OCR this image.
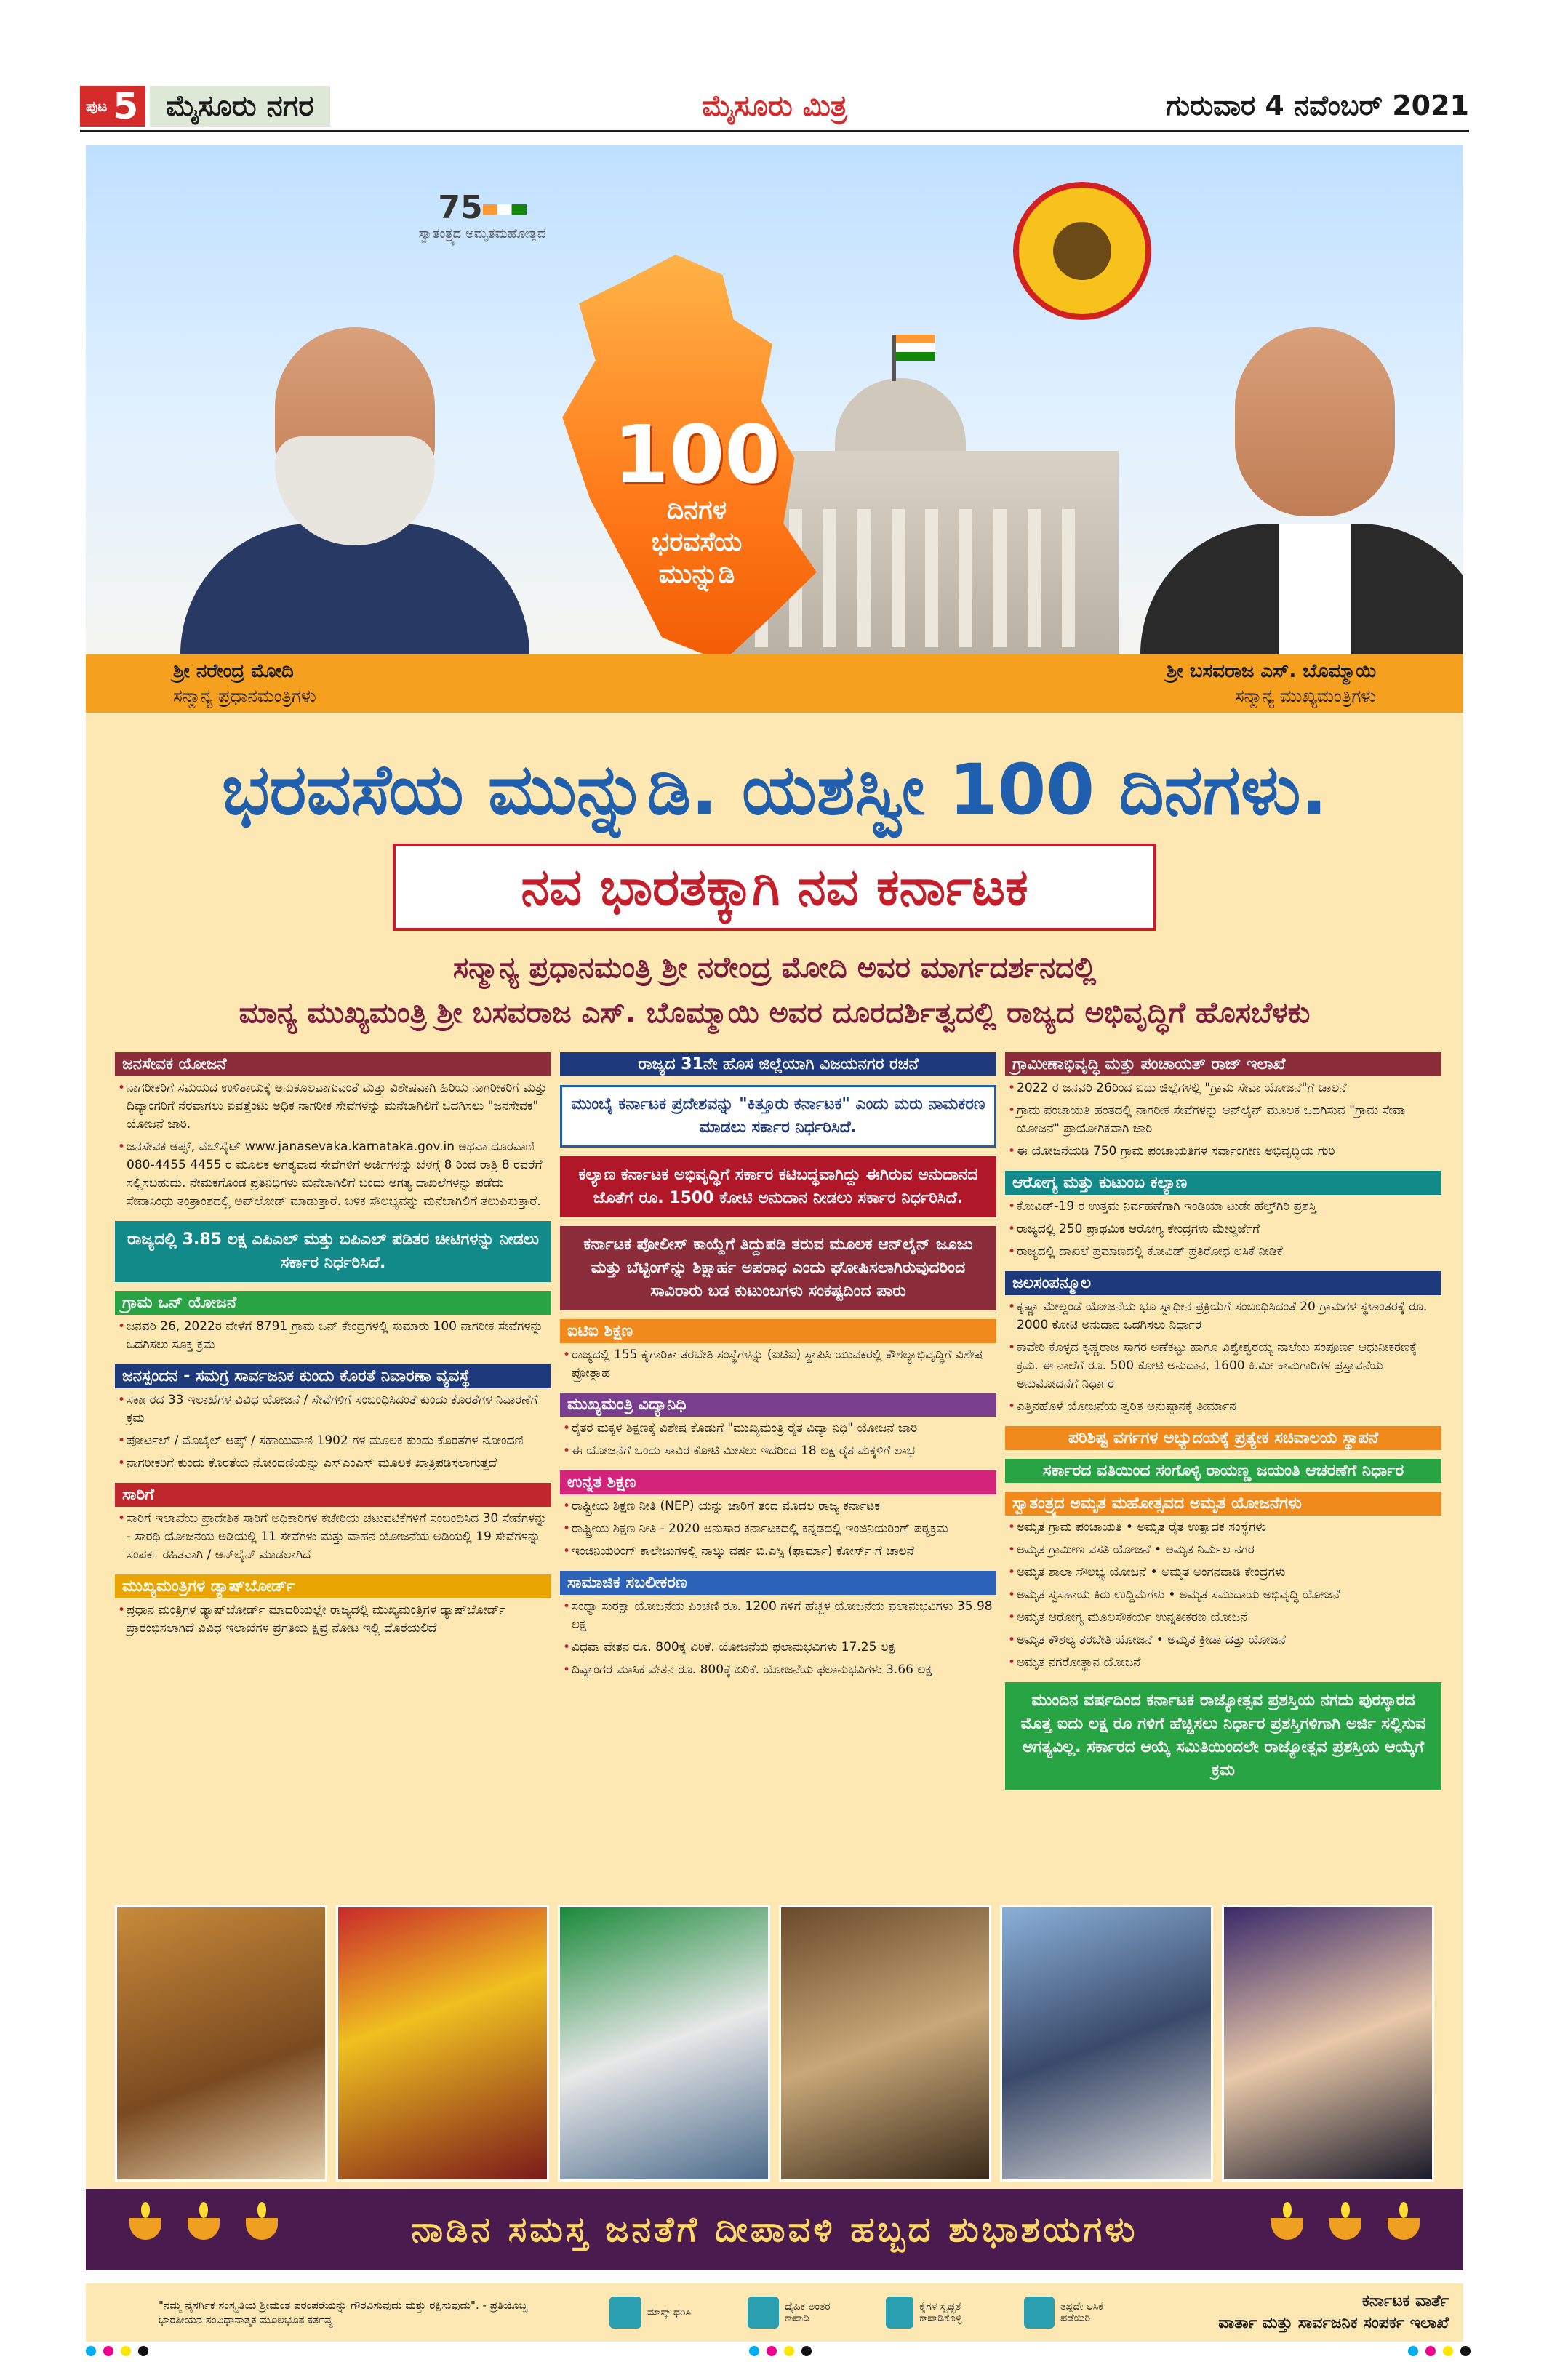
ಪುಟ 5 ಮೈಸೂರು ನಗರ	ಮೈಸೂರು ಮಿತ್ರ	ಗುರುವಾರ 4 ನವೆಂಬರ್ 2021
75
ಸ್ವಾತಂತ್ರ್ಯದ ಅಮೃತಮಹೋತ್ಸವ
100
ದಿನಗಳ
ಭರವಸೆಯ
ಮುನ್ನುಡಿ
ಶ್ರೀ ನರೇಂದ್ರ ಮೋದಿ
ಸನ್ಮಾನ್ಯ ಪ್ರಧಾನಮಂತ್ರಿಗಳು
ಶ್ರೀ ಬಸವರಾಜ ಎಸ್. ಬೊಮ್ಮಾಯಿ
ಸನ್ಮಾನ್ಯ ಮುಖ್ಯಮಂತ್ರಿಗಳು
ಭರವಸೆಯ ಮುನ್ನುಡಿ. ಯಶಸ್ವೀ 100 ದಿನಗಳು.
ನವ ಭಾರತಕ್ಕಾಗಿ ನವ ಕರ್ನಾಟಕ
ಸನ್ಮಾನ್ಯ ಪ್ರಧಾನಮಂತ್ರಿ ಶ್ರೀ ನರೇಂದ್ರ ಮೋದಿ ಅವರ ಮಾರ್ಗದರ್ಶನದಲ್ಲಿ
ಮಾನ್ಯ ಮುಖ್ಯಮಂತ್ರಿ ಶ್ರೀ ಬಸವರಾಜ ಎಸ್. ಬೊಮ್ಮಾಯಿ ಅವರ ದೂರದರ್ಶಿತ್ವದಲ್ಲಿ ರಾಜ್ಯದ ಅಭಿವೃದ್ಧಿಗೆ ಹೊಸಬೆಳಕು
ಜನಸೇವಕ ಯೋಜನೆ
• ನಾಗರೀಕರಿಗೆ ಸಮಯದ ಉಳಿತಾಯಕ್ಕೆ ಅನುಕೂಲವಾಗುವಂತೆ ಮತ್ತು ವಿಶೇಷವಾಗಿ ಹಿರಿಯ ನಾಗರೀಕರಿಗೆ ಮತ್ತು ದಿವ್ಯಾಂಗರಿಗೆ ನೆರವಾಗಲು ಐವತ್ತೆಂಟು ಅಧಿಕ ನಾಗರೀಕ ಸೇವೆಗಳನ್ನು ಮನೆಬಾಗಿಲಿಗೆ ಒದಗಿಸಲು "ಜನಸೇವಕ" ಯೋಜನೆ ಜಾರಿ.
• ಜನಸೇವಕ ಆಪ್ಸ್, ವೆಬ್‌ಸೈಟ್ www.janasevaka.karnataka.gov.in ಅಥವಾ ದೂರವಾಣಿ 080-4455 4455 ರ ಮೂಲಕ ಅಗತ್ಯವಾದ ಸೇವೆಗಳಿಗೆ ಅರ್ಜಿಗಳನ್ನು ಬೆಳಗ್ಗೆ 8 ರಿಂದ ರಾತ್ರಿ 8 ರವರೆಗೆ ಸಲ್ಲಿಸಬಹುದು. ನೇಮಕಗೊಂಡ ಪ್ರತಿನಿಧಿಗಳು ಮನೆಬಾಗಿಲಿಗೆ ಬಂದು ಅಗತ್ಯ ದಾಖಲೆಗಳನ್ನು ಪಡೆದು ಸೇವಾಸಿಂಧು ತಂತ್ರಾಂಶದಲ್ಲಿ ಅಪ್‌ಲೋಡ್ ಮಾಡುತ್ತಾರೆ. ಬಳಿಕ ಸೌಲಭ್ಯವನ್ನು ಮನೆಬಾಗಿಲಿಗೆ ತಲುಪಿಸುತ್ತಾರೆ.
ರಾಜ್ಯದಲ್ಲಿ 3.85 ಲಕ್ಷ ಎಪಿಎಲ್ ಮತ್ತು ಬಿಪಿಎಲ್ ಪಡಿತರ ಚೀಟಿಗಳನ್ನು ನೀಡಲು ಸರ್ಕಾರ ನಿರ್ಧರಿಸಿದೆ.
ಗ್ರಾಮ ಒನ್ ಯೋಜನೆ
• ಜನವರಿ 26, 2022ರ ವೇಳೆಗೆ 8791 ಗ್ರಾಮ ಒನ್ ಕೇಂದ್ರಗಳಲ್ಲಿ ಸುಮಾರು 100 ನಾಗರೀಕ ಸೇವೆಗಳನ್ನು ಒದಗಿಸಲು ಸೂಕ್ತ ಕ್ರಮ
ಜನಸ್ಪಂದನ - ಸಮಗ್ರ ಸಾರ್ವಜನಿಕ ಕುಂದು ಕೊರತೆ ನಿವಾರಣಾ ವ್ಯವಸ್ಥೆ
• ಸರ್ಕಾರದ 33 ಇಲಾಖೆಗಳ ವಿವಿಧ ಯೋಜನೆ / ಸೇವೆಗಳಿಗೆ ಸಂಬಂಧಿಸಿದಂತೆ ಕುಂದು ಕೊರತೆಗಳ ನಿವಾರಣೆಗೆ ಕ್ರಮ
• ಪೋರ್ಟಲ್ / ಮೊಬೈಲ್ ಆಪ್ಸ್ / ಸಹಾಯವಾಣಿ 1902 ಗಳ ಮೂಲಕ ಕುಂದು ಕೊರತೆಗಳ ನೋಂದಣಿ
• ನಾಗರೀಕರಿಗೆ ಕುಂದು ಕೊರತೆಯ ನೋಂದಣಿಯನ್ನು ಎಸ್‌ಎಂಎಸ್ ಮೂಲಕ ಖಾತ್ರಿಪಡಿಸಲಾಗುತ್ತದೆ
ಸಾರಿಗೆ
• ಸಾರಿಗೆ ಇಲಾಖೆಯ ಪ್ರಾದೇಶಿಕ ಸಾರಿಗೆ ಅಧಿಕಾರಿಗಳ ಕಚೇರಿಯ ಚಟುವಟಿಕೆಗಳಿಗೆ ಸಂಬಂಧಿಸಿದ 30 ಸೇವೆಗಳನ್ನು - ಸಾರಥಿ ಯೋಜನೆಯ ಅಡಿಯಲ್ಲಿ 11 ಸೇವೆಗಳು ಮತ್ತು ವಾಹನ ಯೋಜನೆಯ ಅಡಿಯಲ್ಲಿ 19 ಸೇವೆಗಳನ್ನು ಸಂಪರ್ಕ ರಹಿತವಾಗಿ / ಆನ್‌ಲೈನ್ ಮಾಡಲಾಗಿದೆ
ಮುಖ್ಯಮಂತ್ರಿಗಳ ಡ್ಯಾಷ್‌ಬೋರ್ಡ್
• ಪ್ರಧಾನ ಮಂತ್ರಿಗಳ ಡ್ಯಾಷ್‌ಬೋರ್ಡ್ ಮಾದರಿಯಲ್ಲೇ ರಾಜ್ಯದಲ್ಲಿ ಮುಖ್ಯಮಂತ್ರಿಗಳ ಡ್ಯಾಷ್‌ಬೋರ್ಡ್ ಪ್ರಾರಂಭಿಸಲಾಗಿದೆ ವಿವಿಧ ಇಲಾಖೆಗಳ ಪ್ರಗತಿಯ ಕ್ಷಿಪ್ರ ನೋಟ ಇಲ್ಲಿ ದೊರೆಯಲಿದೆ
ರಾಜ್ಯದ 31ನೇ ಹೊಸ ಜಿಲ್ಲೆಯಾಗಿ ವಿಜಯನಗರ ರಚನೆ
ಮುಂಬೈ ಕರ್ನಾಟಕ ಪ್ರದೇಶವನ್ನು "ಕಿತ್ತೂರು ಕರ್ನಾಟಕ" ಎಂದು ಮರು ನಾಮಕರಣ ಮಾಡಲು ಸರ್ಕಾರ ನಿರ್ಧರಿಸಿದೆ.
ಕಲ್ಯಾಣ ಕರ್ನಾಟಕ ಅಭಿವೃದ್ಧಿಗೆ ಸರ್ಕಾರ ಕಟಿಬದ್ಧವಾಗಿದ್ದು ಈಗಿರುವ ಅನುದಾನದ ಜೊತೆಗೆ ರೂ. 1500 ಕೋಟಿ ಅನುದಾನ ನೀಡಲು ಸರ್ಕಾರ ನಿರ್ಧರಿಸಿದೆ.
ಕರ್ನಾಟಕ ಪೋಲೀಸ್ ಕಾಯ್ದೆಗೆ ತಿದ್ದುಪಡಿ ತರುವ ಮೂಲಕ ಆನ್‌ಲೈನ್ ಜೂಜು ಮತ್ತು ಬೆಟ್ಟಿಂಗ್‌ನ್ನು ಶಿಕ್ಷಾರ್ಹ ಅಪರಾಧ ಎಂದು ಘೋಷಿಸಲಾಗಿರುವುದರಿಂದ ಸಾವಿರಾರು ಬಡ ಕುಟುಂಬಗಳು ಸಂಕಷ್ಟದಿಂದ ಪಾರು
ಐಟಿಐ ಶಿಕ್ಷಣ
• ರಾಜ್ಯದಲ್ಲಿ 155 ಕೈಗಾರಿಕಾ ತರಬೇತಿ ಸಂಸ್ಥೆಗಳನ್ನು (ಐಟಿಐ) ಸ್ಥಾಪಿಸಿ ಯುವಕರಲ್ಲಿ ಕೌಶಲ್ಯಾಭಿವೃದ್ಧಿಗೆ ವಿಶೇಷ ಪ್ರೋತ್ಸಾಹ
ಮುಖ್ಯಮಂತ್ರಿ ವಿದ್ಯಾನಿಧಿ
• ರೈತರ ಮಕ್ಕಳ ಶಿಕ್ಷಣಕ್ಕೆ ವಿಶೇಷ ಕೊಡುಗೆ "ಮುಖ್ಯಮಂತ್ರಿ ರೈತ ವಿದ್ಯಾ ನಿಧಿ" ಯೋಜನೆ ಜಾರಿ
• ಈ ಯೋಜನೆಗೆ ಒಂದು ಸಾವಿರ ಕೋಟಿ ಮೀಸಲು ಇದರಿಂದ 18 ಲಕ್ಷ ರೈತ ಮಕ್ಕಳಿಗೆ ಲಾಭ
ಉನ್ನತ ಶಿಕ್ಷಣ
• ರಾಷ್ಟ್ರೀಯ ಶಿಕ್ಷಣ ನೀತಿ (NEP) ಯನ್ನು ಜಾರಿಗೆ ತಂದ ಮೊದಲ ರಾಜ್ಯ ಕರ್ನಾಟಕ
• ರಾಷ್ಟ್ರೀಯ ಶಿಕ್ಷಣ ನೀತಿ - 2020 ಅನುಸಾರ ಕರ್ನಾಟಕದಲ್ಲಿ ಕನ್ನಡದಲ್ಲಿ ಇಂಜಿನಿಯರಿಂಗ್ ಪಠ್ಯಕ್ರಮ
• ಇಂಜಿನಿಯರಿಂಗ್ ಕಾಲೇಜುಗಳಲ್ಲಿ ನಾಲ್ಕು ವರ್ಷ ಬಿ.ಎಸ್ಸಿ (ಫಾರ್ಮಾ) ಕೋರ್ಸ್ ಗೆ ಚಾಲನೆ
ಸಾಮಾಜಿಕ ಸಬಲೀಕರಣ
• ಸಂಧ್ಯಾ ಸುರಕ್ಷಾ ಯೋಜನೆಯ ಪಿಂಚಣಿ ರೂ. 1200 ಗಳಿಗೆ ಹೆಚ್ಚಳ ಯೋಜನೆಯ ಫಲಾನುಭವಿಗಳು 35.98 ಲಕ್ಷ
• ವಿಧವಾ ವೇತನ ರೂ. 800ಕ್ಕೆ ಏರಿಕೆ. ಯೋಜನೆಯ ಫಲಾನುಭವಿಗಳು 17.25 ಲಕ್ಷ
• ದಿವ್ಯಾಂಗರ ಮಾಸಿಕ ವೇತನ ರೂ. 800ಕ್ಕೆ ಏರಿಕೆ. ಯೋಜನೆಯ ಫಲಾನುಭವಿಗಳು 3.66 ಲಕ್ಷ
ಗ್ರಾಮೀಣಾಭಿವೃದ್ಧಿ ಮತ್ತು ಪಂಚಾಯತ್ ರಾಜ್ ಇಲಾಖೆ
• 2022 ರ ಜನವರಿ 26ರಿಂದ ಐದು ಜಿಲ್ಲೆಗಳಲ್ಲಿ "ಗ್ರಾಮ ಸೇವಾ ಯೋಜನೆ"ಗೆ ಚಾಲನೆ
• ಗ್ರಾಮ ಪಂಚಾಯತಿ ಹಂತದಲ್ಲಿ ನಾಗರೀಕ ಸೇವೆಗಳನ್ನು ಆನ್‌ಲೈನ್ ಮೂಲಕ ಒದಗಿಸುವ "ಗ್ರಾಮ ಸೇವಾ ಯೋಜನೆ" ಪ್ರಾಯೋಗಿಕವಾಗಿ ಜಾರಿ
• ಈ ಯೋಜನೆಯಡಿ 750 ಗ್ರಾಮ ಪಂಚಾಯತಿಗಳ ಸರ್ವಾಂಗೀಣ ಅಭಿವೃದ್ಧಿಯ ಗುರಿ
ಆರೋಗ್ಯ ಮತ್ತು ಕುಟುಂಬ ಕಲ್ಯಾಣ
• ಕೋವಿಡ್-19 ರ ಉತ್ತಮ ನಿರ್ವಹಣೆಗಾಗಿ ಇಂಡಿಯಾ ಟುಡೇ ಹೆಲ್ತ್‌ಗಿರಿ ಪ್ರಶಸ್ತಿ
• ರಾಜ್ಯದಲ್ಲಿ 250 ಪ್ರಾಥಮಿಕ ಆರೋಗ್ಯ ಕೇಂದ್ರಗಳು ಮೇಲ್ದರ್ಜೆಗೆ
• ರಾಜ್ಯದಲ್ಲಿ ದಾಖಲೆ ಪ್ರಮಾಣದಲ್ಲಿ ಕೋವಿಡ್ ಪ್ರತಿರೋಧ ಲಸಿಕೆ ನೀಡಿಕೆ
ಜಲಸಂಪನ್ಮೂಲ
• ಕೃಷ್ಣಾ ಮೇಲ್ದಂಡೆ ಯೋಜನೆಯ ಭೂ ಸ್ವಾಧೀನ ಪ್ರಕ್ರಿಯೆಗೆ ಸಂಬಂಧಿಸಿದಂತೆ 20 ಗ್ರಾಮಗಳ ಸ್ಥಳಾಂತರಕ್ಕೆ ರೂ. 2000 ಕೋಟಿ ಅನುದಾನ ಒದಗಿಸಲು ನಿರ್ಧಾರ
• ಕಾವೇರಿ ಕೊಳ್ಳದ ಕೃಷ್ಣರಾಜ ಸಾಗರ ಅಣೆಕಟ್ಟು ಹಾಗೂ ವಿಶ್ವೇಶ್ವರಯ್ಯ ನಾಲೆಯ ಸಂಪೂರ್ಣ ಆಧುನೀಕರಣಕ್ಕೆ ಕ್ರಮ. ಈ ನಾಲೆಗೆ ರೂ. 500 ಕೋಟಿ ಅನುದಾನ, 1600 ಕಿ.ಮೀ ಕಾಮಗಾರಿಗಳ ಪ್ರಸ್ತಾವನೆಯ ಅನುಮೋದನೆಗೆ ನಿರ್ಧಾರ
• ಎತ್ತಿನಹೊಳೆ ಯೋಜನೆಯ ತ್ವರಿತ ಅನುಷ್ಠಾನಕ್ಕೆ ತೀರ್ಮಾನ
ಪರಿಶಿಷ್ಟ ವರ್ಗಗಳ ಅಭ್ಯುದಯಕ್ಕೆ ಪ್ರತ್ಯೇಕ ಸಚಿವಾಲಯ ಸ್ಥಾಪನೆ
ಸರ್ಕಾರದ ವತಿಯಿಂದ ಸಂಗೊಳ್ಳಿ ರಾಯಣ್ಣ ಜಯಂತಿ ಆಚರಣೆಗೆ ನಿರ್ಧಾರ
ಸ್ವಾತಂತ್ರ್ಯದ ಅಮೃತ ಮಹೋತ್ಸವದ ಅಮೃತ ಯೋಜನೆಗಳು
• ಅಮೃತ ಗ್ರಾಮ ಪಂಚಾಯತಿ • ಅಮೃತ ರೈತ ಉತ್ಪಾದಕ ಸಂಸ್ಥೆಗಳು
• ಅಮೃತ ಗ್ರಾಮೀಣ ವಸತಿ ಯೋಜನೆ • ಅಮೃತ ನಿರ್ಮಲ ನಗರ
• ಅಮೃತ ಶಾಲಾ ಸೌಲಭ್ಯ ಯೋಜನೆ • ಅಮೃತ ಅಂಗನವಾಡಿ ಕೇಂದ್ರಗಳು
• ಅಮೃತ ಸ್ವಸಹಾಯ ಕಿರು ಉದ್ದಿಮೆಗಳು • ಅಮೃತ ಸಮುದಾಯ ಅಭಿವೃದ್ಧಿ ಯೋಜನೆ
• ಅಮೃತ ಆರೋಗ್ಯ ಮೂಲಸೌಕರ್ಯ ಉನ್ನತೀಕರಣ ಯೋಜನೆ
• ಅಮೃತ ಕೌಶಲ್ಯ ತರಬೇತಿ ಯೋಜನೆ • ಅಮೃತ ಕ್ರೀಡಾ ದತ್ತು ಯೋಜನೆ
• ಅಮೃತ ನಗರೋತ್ಥಾನ ಯೋಜನೆ
ಮುಂದಿನ ವರ್ಷದಿಂದ ಕರ್ನಾಟಕ ರಾಜ್ಯೋತ್ಸವ ಪ್ರಶಸ್ತಿಯ ನಗದು ಪುರಸ್ಕಾರದ ಮೊತ್ತ ಐದು ಲಕ್ಷ ರೂ ಗಳಿಗೆ ಹೆಚ್ಚಿಸಲು ನಿರ್ಧಾರ ಪ್ರಶಸ್ತಿಗಳಿಗಾಗಿ ಅರ್ಜಿ ಸಲ್ಲಿಸುವ ಅಗತ್ಯವಿಲ್ಲ. ಸರ್ಕಾರದ ಆಯ್ಕೆ ಸಮಿತಿಯಿಂದಲೇ ರಾಜ್ಯೋತ್ಸವ ಪ್ರಶಸ್ತಿಯ ಆಯ್ಕೆಗೆ ಕ್ರಮ
ನಾಡಿನ ಸಮಸ್ತ ಜನತೆಗೆ ದೀಪಾವಳಿ ಹಬ್ಬದ ಶುಭಾಶಯಗಳು
"ನಮ್ಮ ನೈಸರ್ಗಿಕ ಸಂಸ್ಕೃತಿಯ ಶ್ರೀಮಂತ ಪರಂಪರೆಯನ್ನು ಗೌರವಿಸುವುದು ಮತ್ತು ರಕ್ಷಿಸುವುದು". - ಪ್ರತಿಯೊಬ್ಬ ಭಾರತೀಯನ ಸಂವಿಧಾನಾತ್ಮಕ ಮೂಲಭೂತ ಕರ್ತವ್ಯ
ಮಾಸ್ಕ್ ಧರಿಸಿ	ದೈಹಿಕ ಅಂತರ ಕಾಪಾಡಿ
ಕೈಗಳ ಸ್ವಚ್ಛತೆ ಕಾಪಾಡಿಕೊಳ್ಳಿ
ತಪ್ಪದೇ ಲಸಿಕೆ ಪಡೆಯಿರಿ
ಕರ್ನಾಟಕ ವಾರ್ತೆ
ವಾರ್ತಾ ಮತ್ತು ಸಾರ್ವಜನಿಕ ಸಂಪರ್ಕ ಇಲಾಖೆ
